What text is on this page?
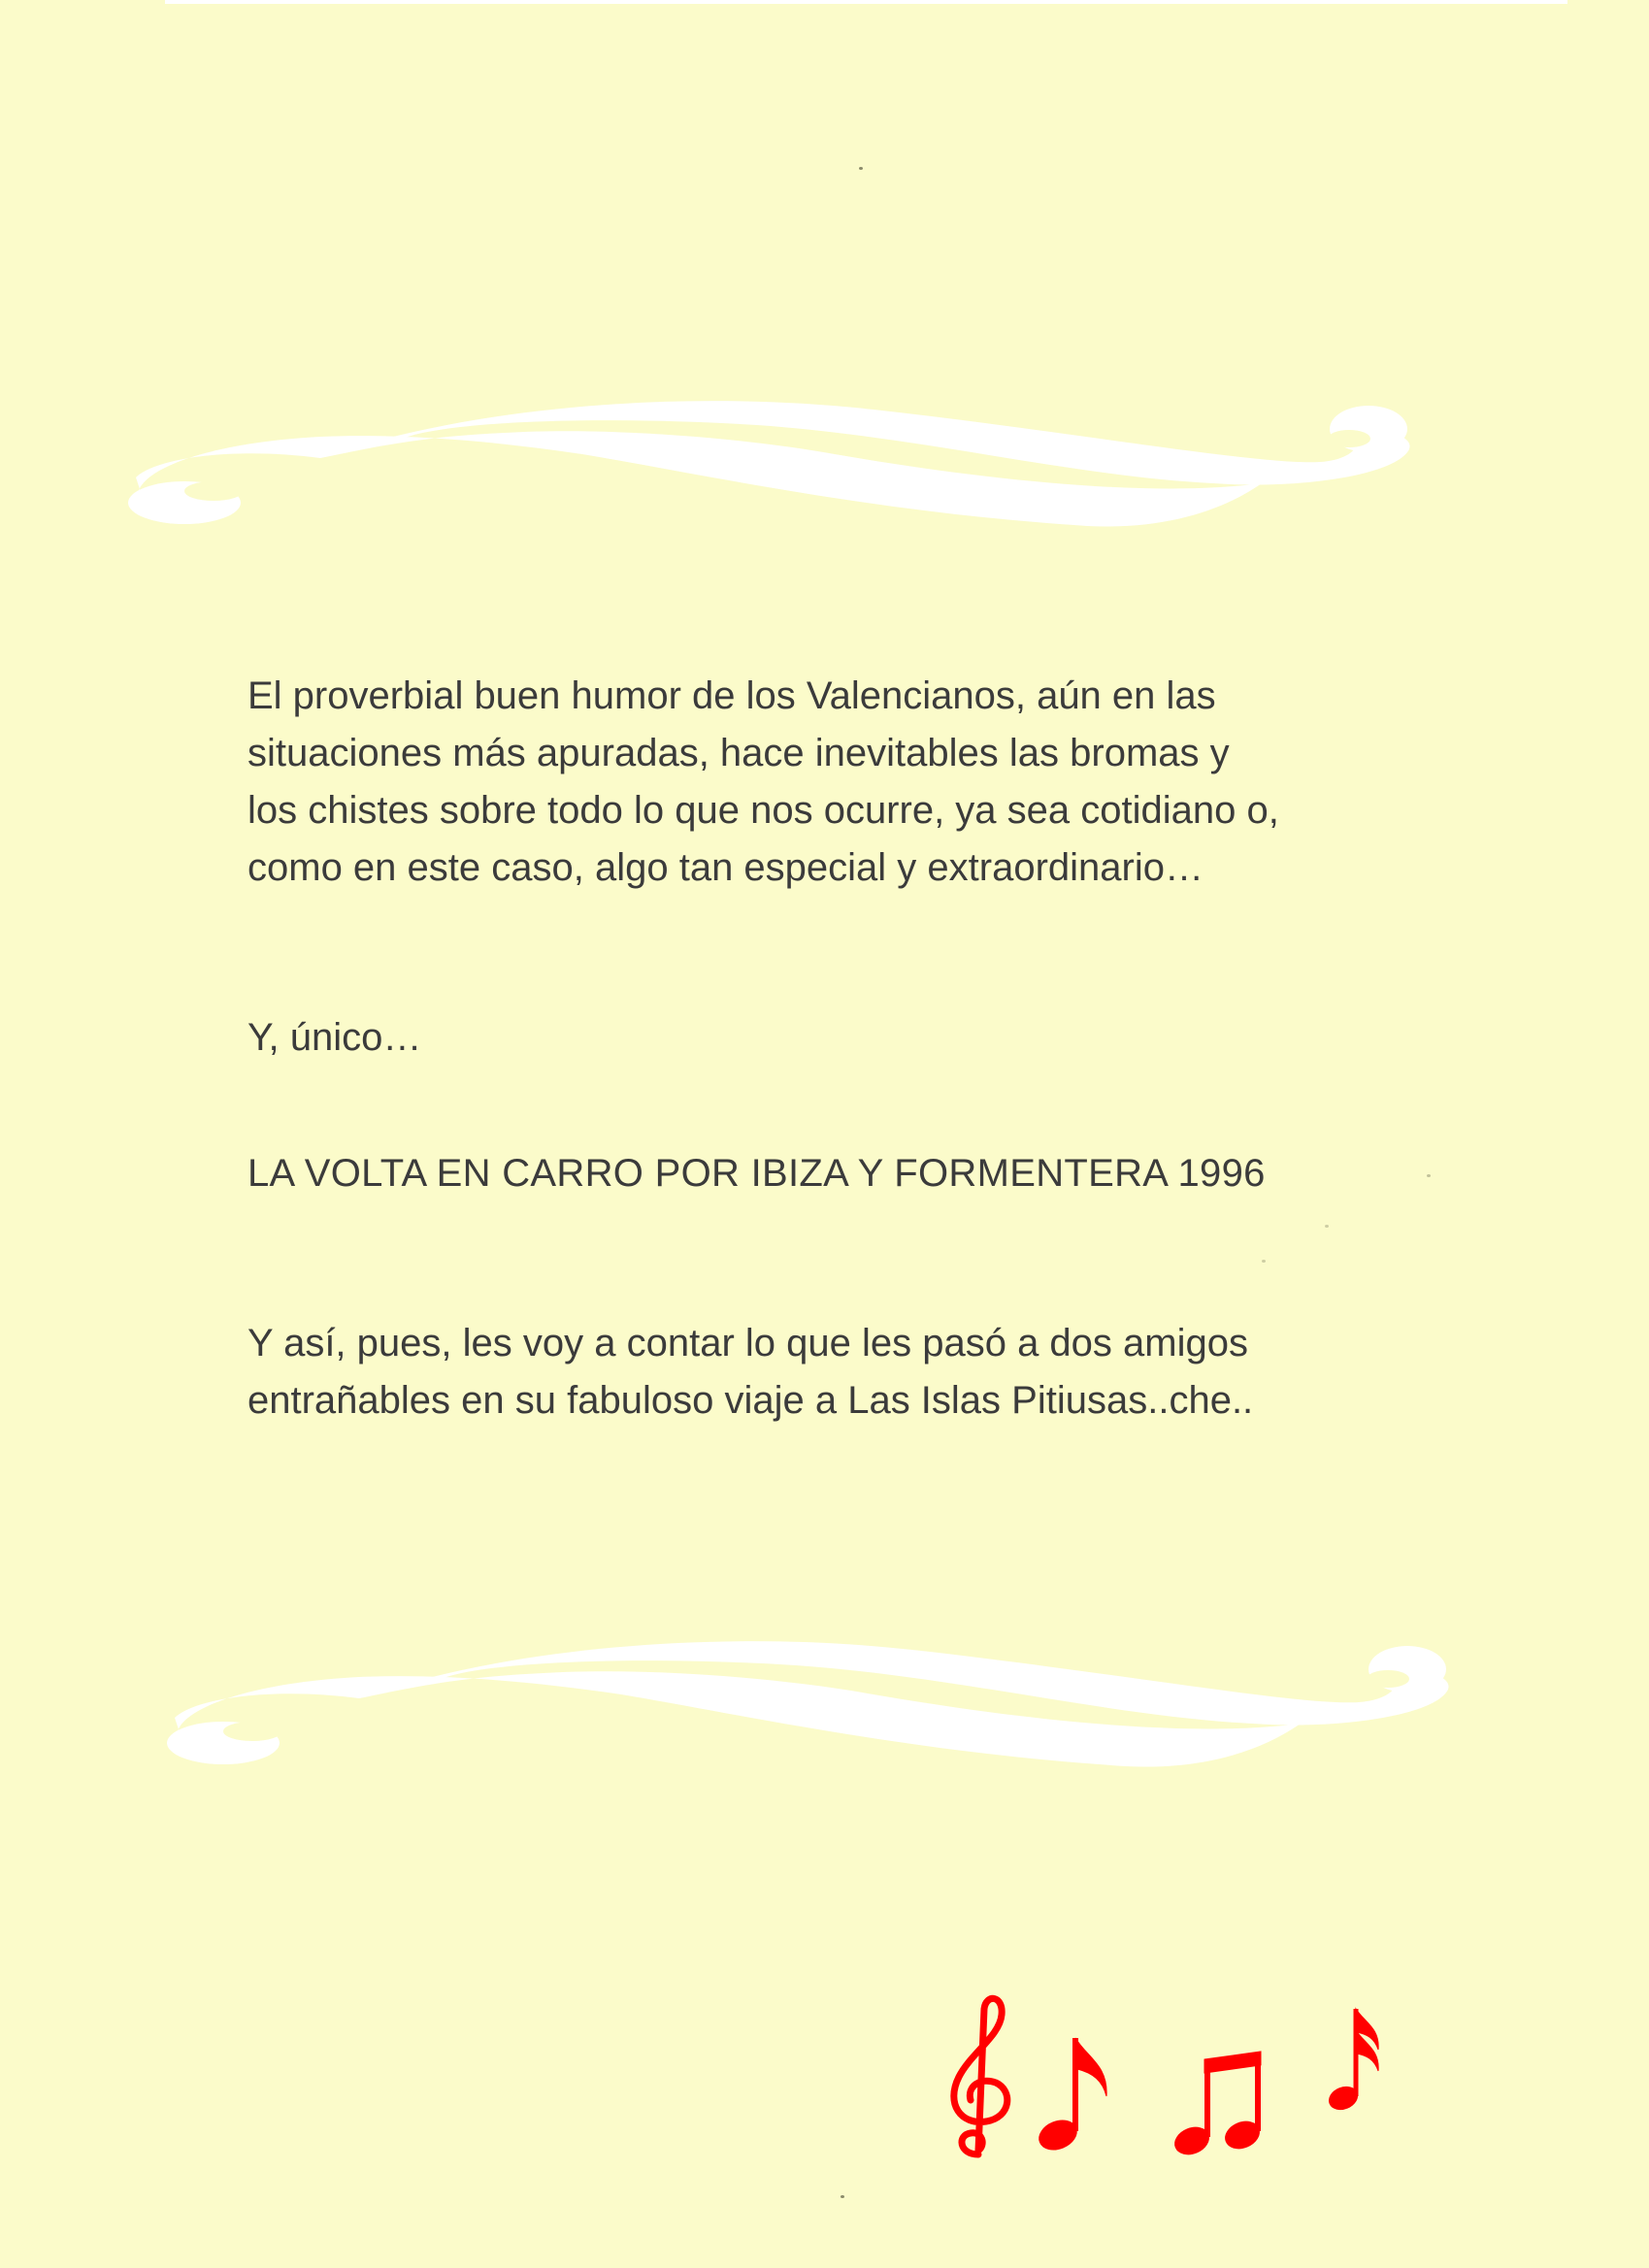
El proverbial buen humor de los Valencianos, aún en las
situaciones más apuradas, hace inevitables las bromas y
los chistes sobre todo lo que nos ocurre, ya sea cotidiano o,
como en este caso, algo tan especial y extraordinario…

Y, único…

LA VOLTA EN CARRO POR IBIZA Y FORMENTERA 1996

Y así, pues, les voy a contar lo que les pasó a dos amigos
entrañables en su fabuloso viaje a Las Islas Pitiusas..che..
